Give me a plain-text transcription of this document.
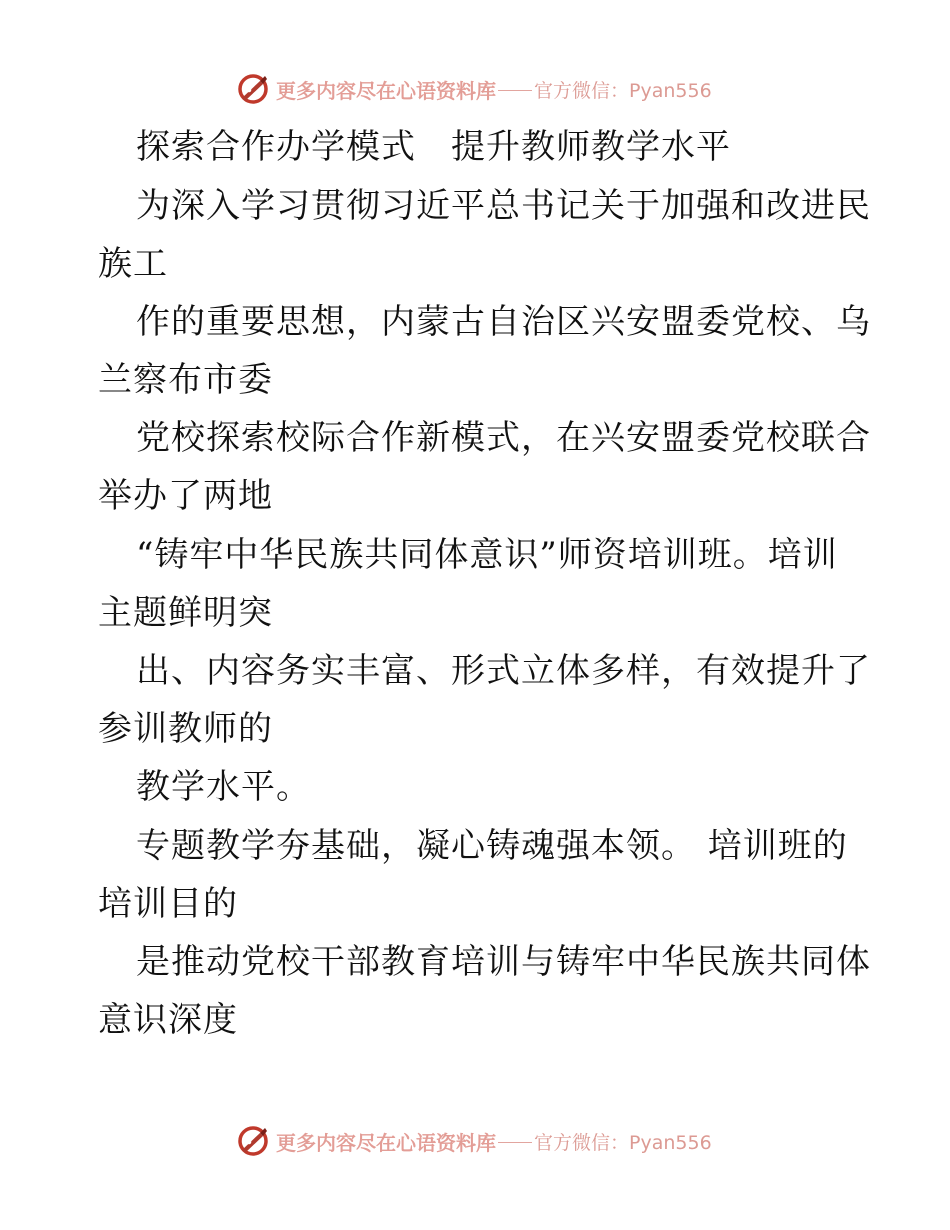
更多内容尽在心语资料库 官方微信：Pyan556
探索合作办学模式　提升教师教学水平
为深入学习贯彻习近平总书记关于加强和改进民
族工
作的重要思想，内蒙古自治区兴安盟委党校、乌
兰察布市委
党校探索校际合作新模式，在兴安盟委党校联合
举办了两地
“铸牢中华民族共同体意识”师资培训班。培训
主题鲜明突
出、内容务实丰富、形式立体多样，有效提升了
参训教师的
教学水平。
专题教学夯基础，凝心铸魂强本领。 培训班的
培训目的
是推动党校干部教育培训与铸牢中华民族共同体
意识深度
更多内容尽在心语资料库 官方微信：Pyan556
